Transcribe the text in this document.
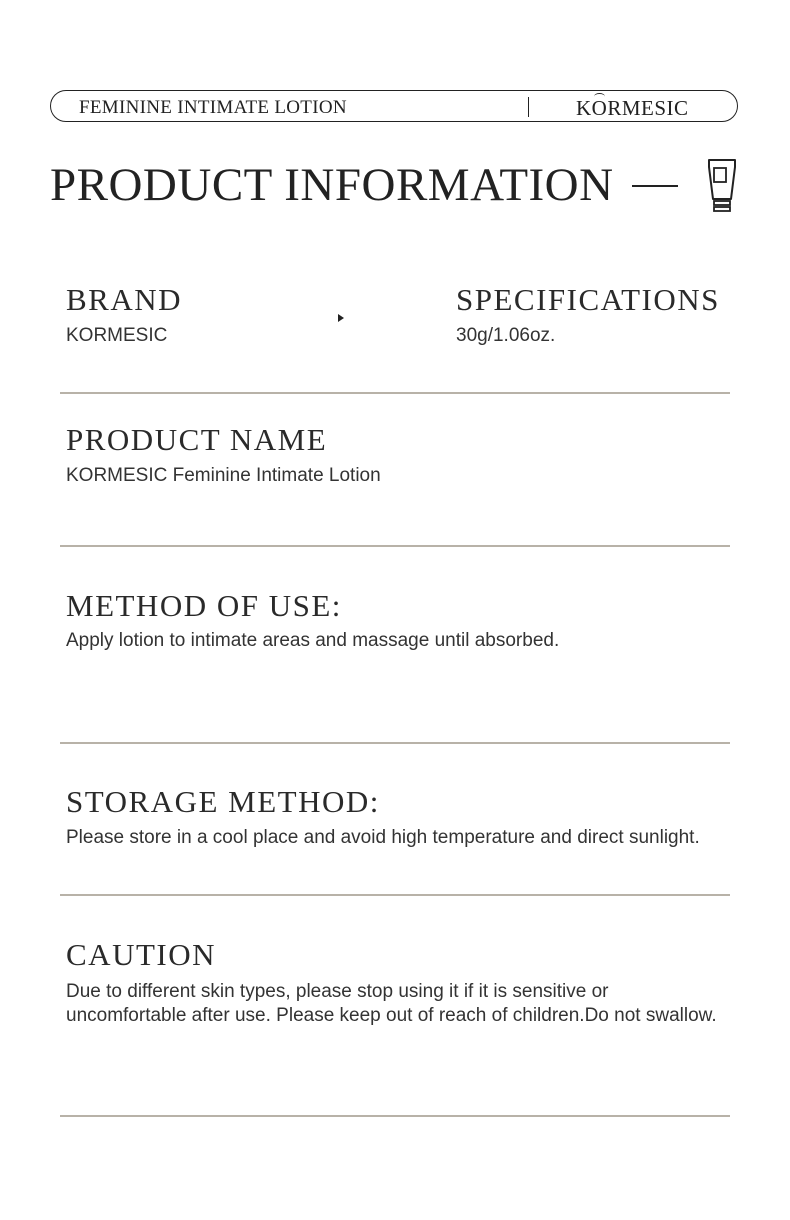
FEMININE INTIMATE LOTION	KORMESIC
PRODUCT INFORMATION
BRAND
KORMESIC
SPECIFICATIONS
30g/1.06oz.
PRODUCT NAME
KORMESIC Feminine Intimate Lotion
METHOD OF USE:
Apply lotion to intimate areas and massage until absorbed.
STORAGE METHOD:
Please store in a cool place and avoid high temperature and direct sunlight.
CAUTION
Due to different skin types, please stop using it if it is sensitive or uncomfortable after use. Please keep out of reach of children.Do not swallow.
